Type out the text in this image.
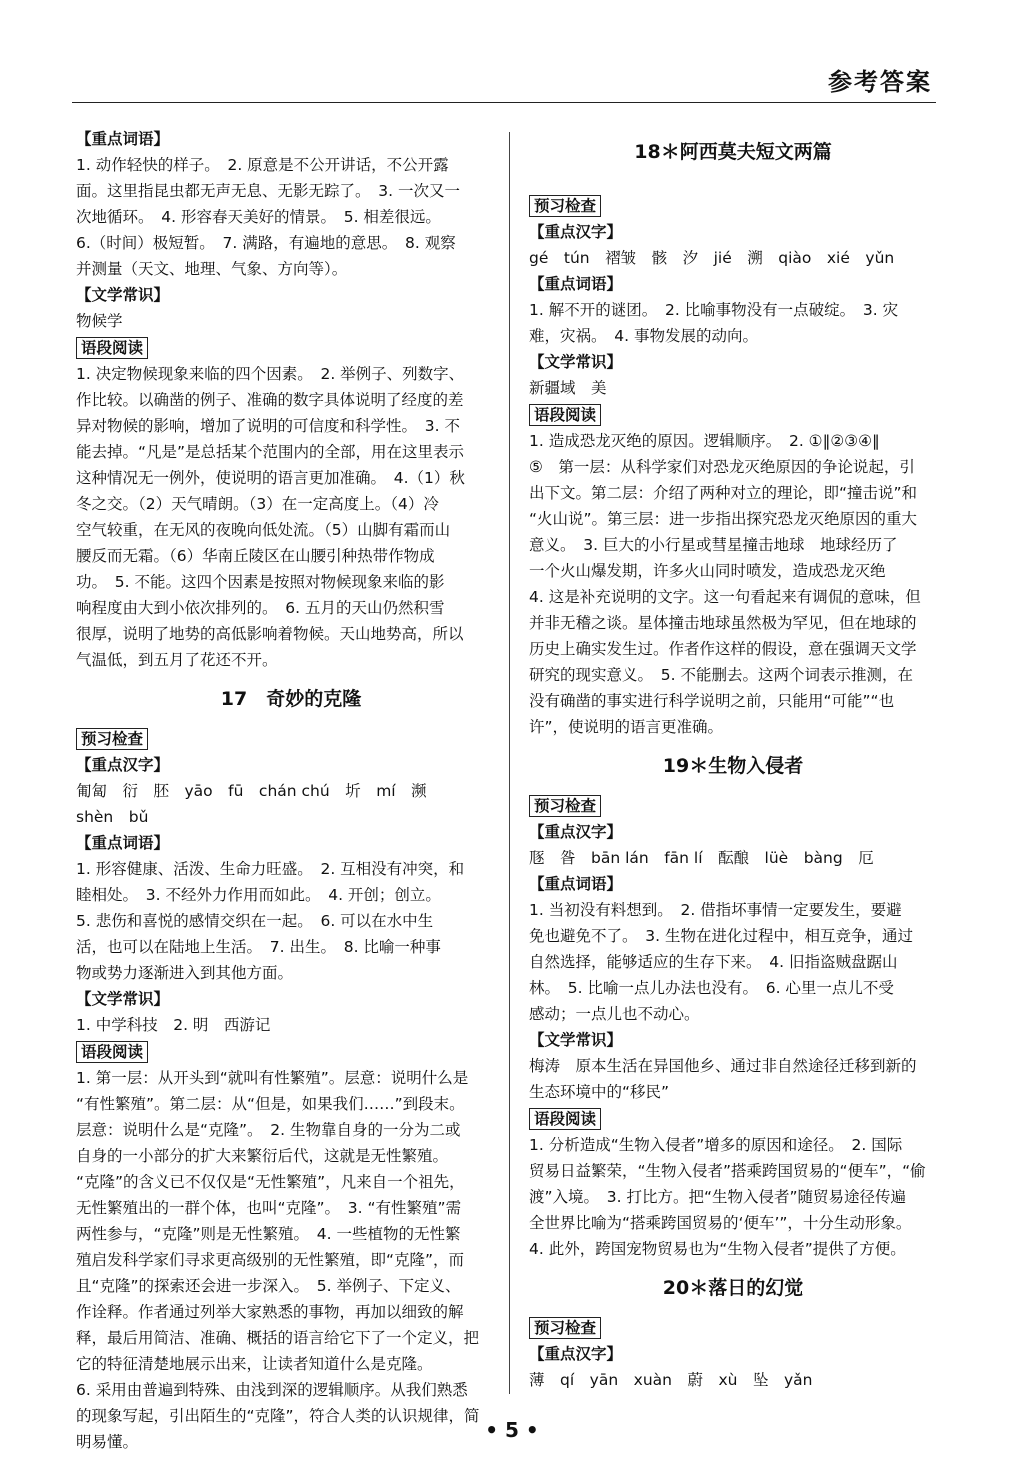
参考答案
【重点词语】
1. 动作轻快的样子。　2. 原意是不公开讲话，不公开露
面。这里指昆虫都无声无息、无影无踪了。　3. 一次又一
次地循环。　4. 形容春天美好的情景。　5. 相差很远。
6.（时间）极短暂。　7. 满路，有遍地的意思。　8. 观察
并测量（天文、地理、气象、方向等）。
【文学常识】
物候学
语段阅读
1. 决定物候现象来临的四个因素。　2. 举例子、列数字、
作比较。以确凿的例子、准确的数字具体说明了经度的差
异对物候的影响，增加了说明的可信度和科学性。　3. 不
能去掉。“凡是”是总括某个范围内的全部，用在这里表示
这种情况无一例外，使说明的语言更加准确。　4.（1）秋
冬之交。（2）天气晴朗。（3）在一定高度上。（4）冷
空气较重，在无风的夜晚向低处流。（5）山脚有霜而山
腰反而无霜。（6）华南丘陵区在山腰引种热带作物成
功。　5. 不能。这四个因素是按照对物候现象来临的影
响程度由大到小依次排列的。　6. 五月的天山仍然积雪
很厚，说明了地势的高低影响着物候。天山地势高，所以
气温低，到五月了花还不开。
17　奇妙的克隆
预习检查
【重点汉字】
匍匐　衍　胚　yāo　fū　chán chú　圻　mí　濒
shèn　bǔ
【重点词语】
1. 形容健康、活泼、生命力旺盛。　2. 互相没有冲突，和
睦相处。　3. 不经外力作用而如此。　4. 开创；创立。
5. 悲伤和喜悦的感情交织在一起。　6. 可以在水中生
活，也可以在陆地上生活。　7. 出生。　8. 比喻一种事
物或势力逐渐进入到其他方面。
【文学常识】
1. 中学科技　2. 明　西游记
语段阅读
1. 第一层：从开头到“就叫有性繁殖”。层意：说明什么是
“有性繁殖”。第二层：从“但是，如果我们……”到段末。
层意：说明什么是“克隆”。　2. 生物靠自身的一分为二或
自身的一小部分的扩大来繁衍后代，这就是无性繁殖。
“克隆”的含义已不仅仅是“无性繁殖”，凡来自一个祖先，
无性繁殖出的一群个体，也叫“克隆”。　3. “有性繁殖”需
两性参与，“克隆”则是无性繁殖。　4. 一些植物的无性繁
殖启发科学家们寻求更高级别的无性繁殖，即“克隆”，而
且“克隆”的探索还会进一步深入。　5. 举例子、下定义、
作诠释。作者通过列举大家熟悉的事物，再加以细致的解
释，最后用简洁、准确、概括的语言给它下了一个定义，把
它的特征清楚地展示出来，让读者知道什么是克隆。
6. 采用由普遍到特殊、由浅到深的逻辑顺序。从我们熟悉
的现象写起，引出陌生的“克隆”，符合人类的认识规律，简
明易懂。
18＊阿西莫夫短文两篇
预习检查
【重点汉字】
gé　tún　褶皱　骸　汐　jié　溯　qiào　xié　yǔn
【重点词语】
1. 解不开的谜团。　2. 比喻事物没有一点破绽。　3. 灾
难，灾祸。　4. 事物发展的动向。
【文学常识】
新疆域　美
语段阅读
1. 造成恐龙灭绝的原因。逻辑顺序。　2. ①‖②③④‖
⑤　第一层：从科学家们对恐龙灭绝原因的争论说起，引
出下文。第二层：介绍了两种对立的理论，即“撞击说”和
“火山说”。第三层：进一步指出探究恐龙灭绝原因的重大
意义。　3. 巨大的小行星或彗星撞击地球　地球经历了
一个火山爆发期，许多火山同时喷发，造成恐龙灭绝
4. 这是补充说明的文字。这一句看起来有调侃的意味，但
并非无稽之谈。星体撞击地球虽然极为罕见，但在地球的
历史上确实发生过。作者作这样的假设，意在强调天文学
研究的现实意义。　5. 不能删去。这两个词表示推测，在
没有确凿的事实进行科学说明之前，只能用“可能”“也
许”，使说明的语言更准确。
19＊生物入侵者
预习检查
【重点汉字】
豗　昝　bān lán　fān lí　酝酿　lüè　bàng　厄
【重点词语】
1. 当初没有料想到。　2. 借指坏事情一定要发生，要避
免也避免不了。　3. 生物在进化过程中，相互竞争，通过
自然选择，能够适应的生存下来。　4. 旧指盗贼盘踞山
林。　5. 比喻一点儿办法也没有。　6. 心里一点儿不受
感动；一点儿也不动心。
【文学常识】
梅涛　原本生活在异国他乡、通过非自然途径迁移到新的
生态环境中的“移民”
语段阅读
1. 分析造成“生物入侵者”增多的原因和途径。　2. 国际
贸易日益繁荣，“生物入侵者”搭乘跨国贸易的“便车”，“偷
渡”入境。　3. 打比方。把“生物入侵者”随贸易途径传遍
全世界比喻为“搭乘跨国贸易的‘便车’”，十分生动形象。
4. 此外，跨国宠物贸易也为“生物入侵者”提供了方便。
20＊落日的幻觉
预习检查
【重点汉字】
薄　qí　yān　xuàn　蔚　xù　坠　yǎn
• 5 •
